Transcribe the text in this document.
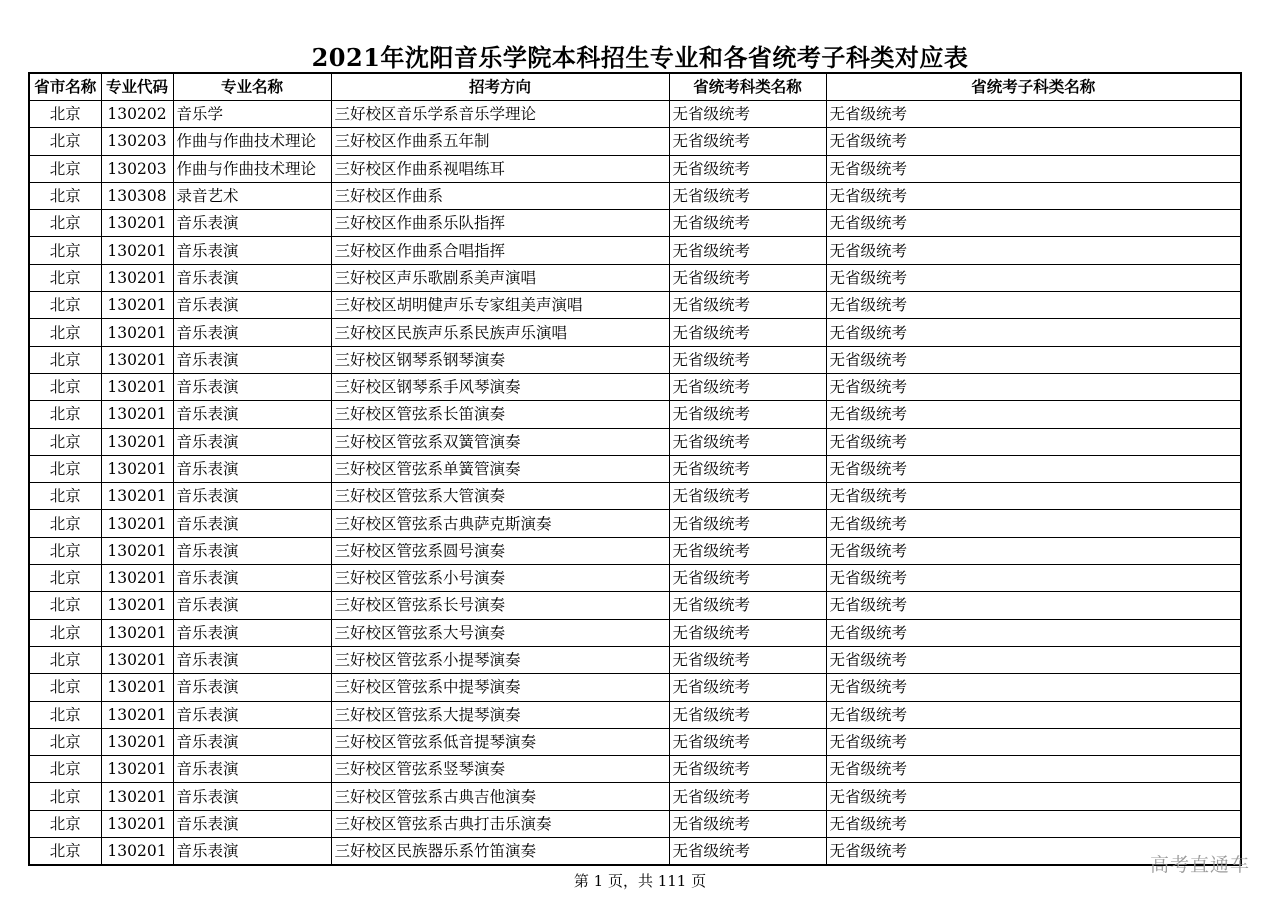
2021年沈阳音乐学院本科招生专业和各省统考子科类对应表
省市名称	专业代码	专业名称	招考方向	省统考科类名称	省统考子科类名称
北京	130202	音乐学	三好校区音乐学系音乐学理论	无省级统考	无省级统考
北京	130203	作曲与作曲技术理论	三好校区作曲系五年制	无省级统考	无省级统考
北京	130203	作曲与作曲技术理论	三好校区作曲系视唱练耳	无省级统考	无省级统考
北京	130308	录音艺术	三好校区作曲系	无省级统考	无省级统考
北京	130201	音乐表演	三好校区作曲系乐队指挥	无省级统考	无省级统考
北京	130201	音乐表演	三好校区作曲系合唱指挥	无省级统考	无省级统考
北京	130201	音乐表演	三好校区声乐歌剧系美声演唱	无省级统考	无省级统考
北京	130201	音乐表演	三好校区胡明健声乐专家组美声演唱	无省级统考	无省级统考
北京	130201	音乐表演	三好校区民族声乐系民族声乐演唱	无省级统考	无省级统考
北京	130201	音乐表演	三好校区钢琴系钢琴演奏	无省级统考	无省级统考
北京	130201	音乐表演	三好校区钢琴系手风琴演奏	无省级统考	无省级统考
北京	130201	音乐表演	三好校区管弦系长笛演奏	无省级统考	无省级统考
北京	130201	音乐表演	三好校区管弦系双簧管演奏	无省级统考	无省级统考
北京	130201	音乐表演	三好校区管弦系单簧管演奏	无省级统考	无省级统考
北京	130201	音乐表演	三好校区管弦系大管演奏	无省级统考	无省级统考
北京	130201	音乐表演	三好校区管弦系古典萨克斯演奏	无省级统考	无省级统考
北京	130201	音乐表演	三好校区管弦系圆号演奏	无省级统考	无省级统考
北京	130201	音乐表演	三好校区管弦系小号演奏	无省级统考	无省级统考
北京	130201	音乐表演	三好校区管弦系长号演奏	无省级统考	无省级统考
北京	130201	音乐表演	三好校区管弦系大号演奏	无省级统考	无省级统考
北京	130201	音乐表演	三好校区管弦系小提琴演奏	无省级统考	无省级统考
北京	130201	音乐表演	三好校区管弦系中提琴演奏	无省级统考	无省级统考
北京	130201	音乐表演	三好校区管弦系大提琴演奏	无省级统考	无省级统考
北京	130201	音乐表演	三好校区管弦系低音提琴演奏	无省级统考	无省级统考
北京	130201	音乐表演	三好校区管弦系竖琴演奏	无省级统考	无省级统考
北京	130201	音乐表演	三好校区管弦系古典吉他演奏	无省级统考	无省级统考
北京	130201	音乐表演	三好校区管弦系古典打击乐演奏	无省级统考	无省级统考
北京	130201	音乐表演	三好校区民族器乐系竹笛演奏	无省级统考	无省级统考
第 1 页，共 111 页
高考直通车
